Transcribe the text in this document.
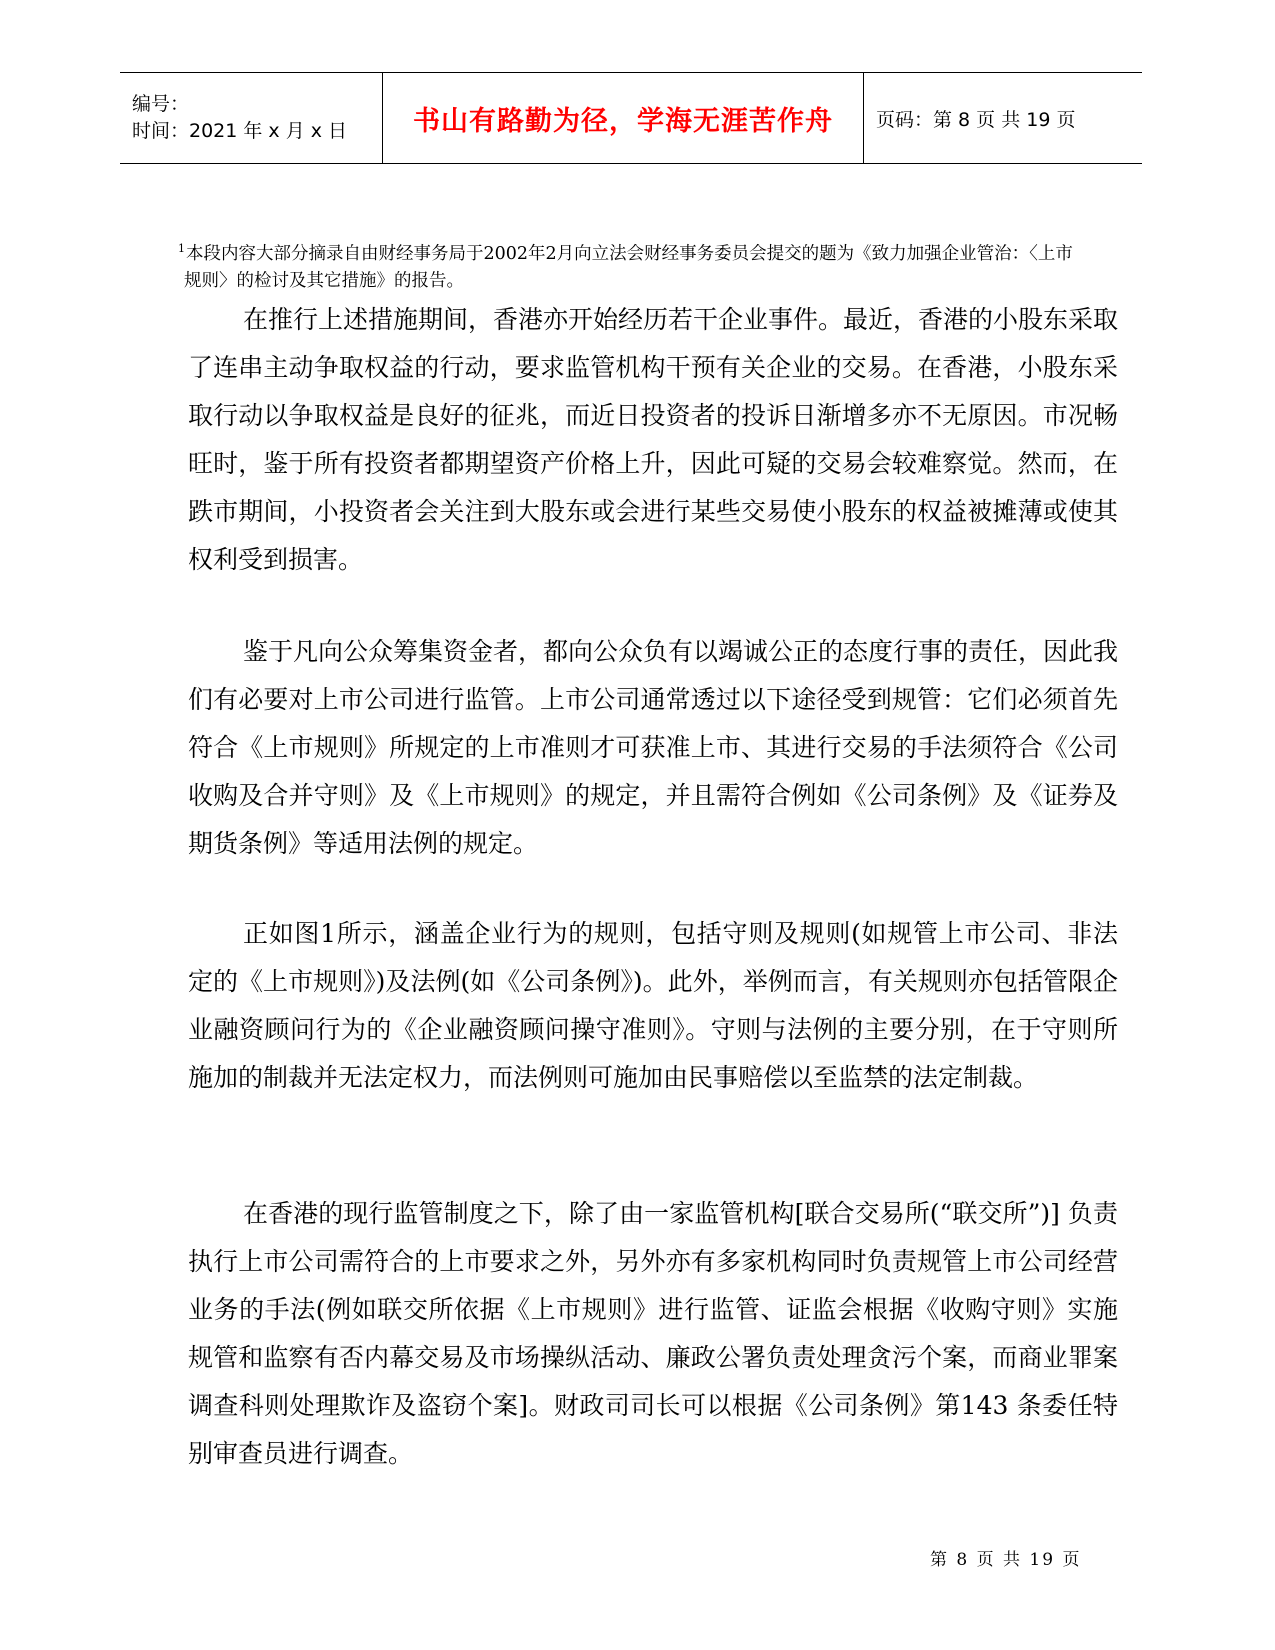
编号：
时间：2021 年 x 月 x 日	书山有路勤为径，学海无涯苦作舟	页码：第 8 页 共 19 页
$^1$本段内容大部分摘录自由财经事务局于2002年2月向立法会财经事务委员会提交的题为《致力加强企业管治：〈上市规则〉的检讨及其它措施》的报告。

在推行上述措施期间，香港亦开始经历若干企业事件。最近，香港的小股东采取了连串主动争取权益的行动，要求监管机构干预有关企业的交易。在香港，小股东采取行动以争取权益是良好的征兆，而近日投资者的投诉日渐增多亦不无原因。市况畅旺时，鉴于所有投资者都期望资产价格上升，因此可疑的交易会较难察觉。然而，在跌市期间，小投资者会关注到大股东或会进行某些交易使小股东的权益被摊薄或使其权利受到损害。

鉴于凡向公众筹集资金者，都向公众负有以竭诚公正的态度行事的责任，因此我们有必要对上市公司进行监管。上市公司通常透过以下途径受到规管：它们必须首先符合《上市规则》所规定的上市准则才可获准上市、其进行交易的手法须符合《公司收购及合并守则》及《上市规则》的规定，并且需符合例如《公司条例》及《证券及期货条例》等适用法例的规定。

正如图1所示，涵盖企业行为的规则，包括守则及规则(如规管上市公司、非法定的《上市规则》)及法例(如《公司条例》)。此外，举例而言，有关规则亦包括管限企业融资顾问行为的《企业融资顾问操守准则》。守则与法例的主要分别，在于守则所施加的制裁并无法定权力，而法例则可施加由民事赔偿以至监禁的法定制裁。

在香港的现行监管制度之下，除了由一家监管机构[联合交易所(“联交所”)] 负责执行上市公司需符合的上市要求之外，另外亦有多家机构同时负责规管上市公司经营业务的手法(例如联交所依据《上市规则》进行监管、证监会根据《收购守则》实施规管和监察有否内幕交易及市场操纵活动、廉政公署负责处理贪污个案，而商业罪案调查科则处理欺诈及盗窃个案]。财政司司长可以根据《公司条例》第143 条委任特别审查员进行调查。

第 8 页 共 19 页
